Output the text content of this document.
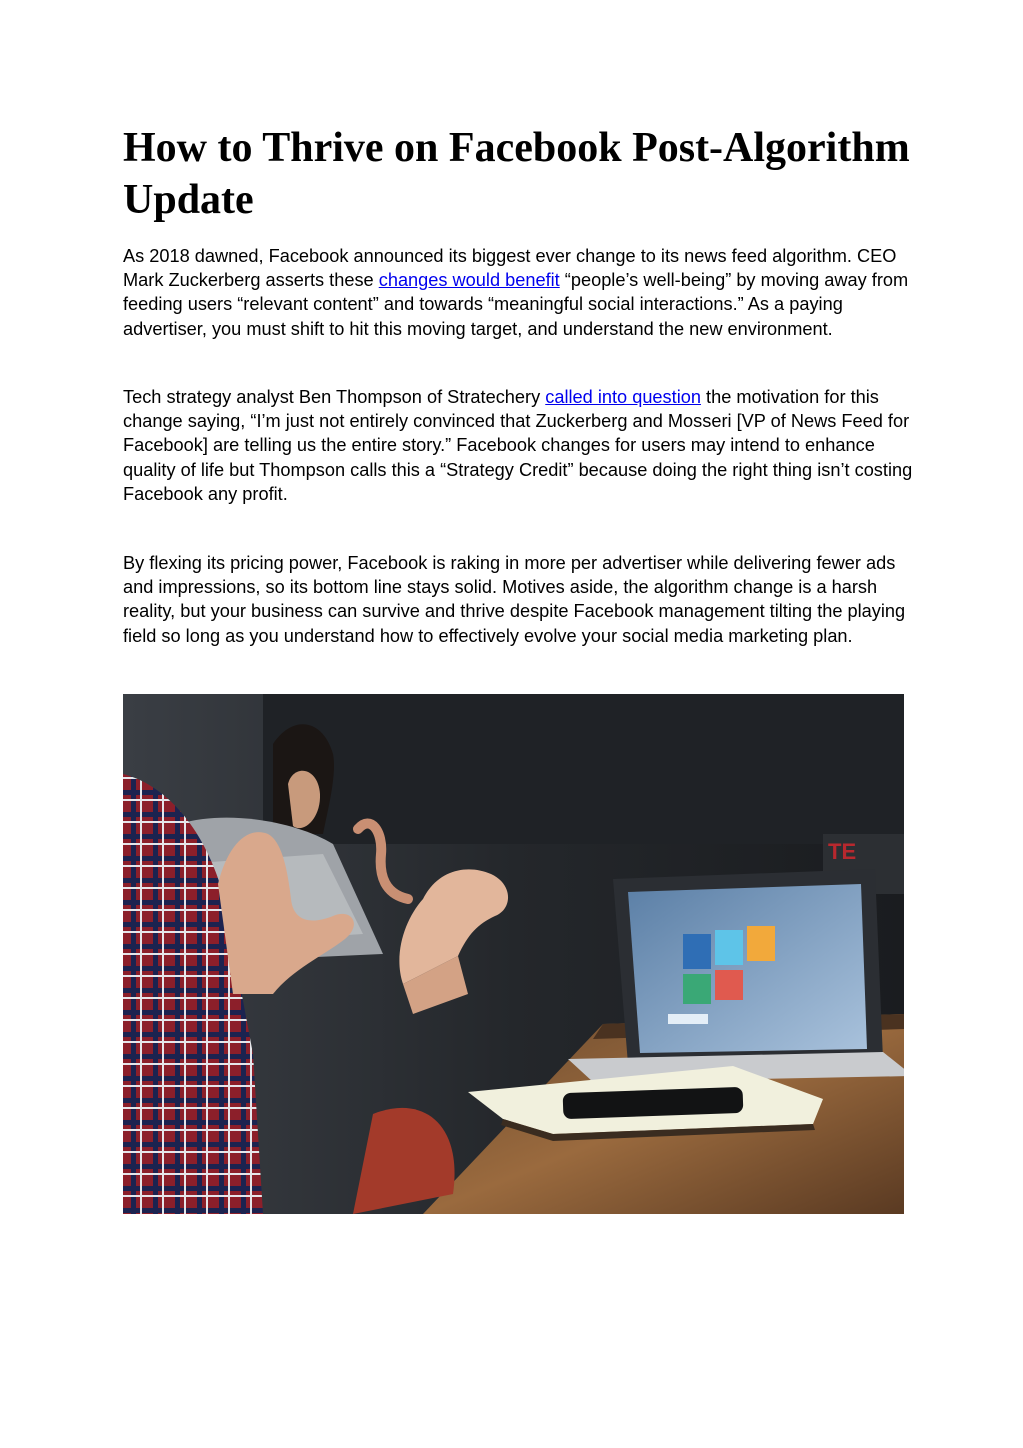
How to Thrive on Facebook Post-Algorithm Update

As 2018 dawned, Facebook announced its biggest ever change to its news feed algorithm. CEO Mark Zuckerberg asserts these changes would benefit “people’s well-being” by moving away from feeding users “relevant content” and towards “meaningful social interactions.” As a paying advertiser, you must shift to hit this moving target, and understand the new environment.

Tech strategy analyst Ben Thompson of Stratechery called into question the motivation for this change saying, “I’m just not entirely convinced that Zuckerberg and Mosseri [VP of News Feed for Facebook] are telling us the entire story.” Facebook changes for users may intend to enhance quality of life but Thompson calls this a “Strategy Credit” because doing the right thing isn’t costing Facebook any profit.

By flexing its pricing power, Facebook is raking in more per advertiser while delivering fewer ads and impressions, so its bottom line stays solid. Motives aside, the algorithm change is a harsh reality, but your business can survive and thrive despite Facebook management tilting the playing field so long as you understand how to effectively evolve your social media marketing plan.

TE
